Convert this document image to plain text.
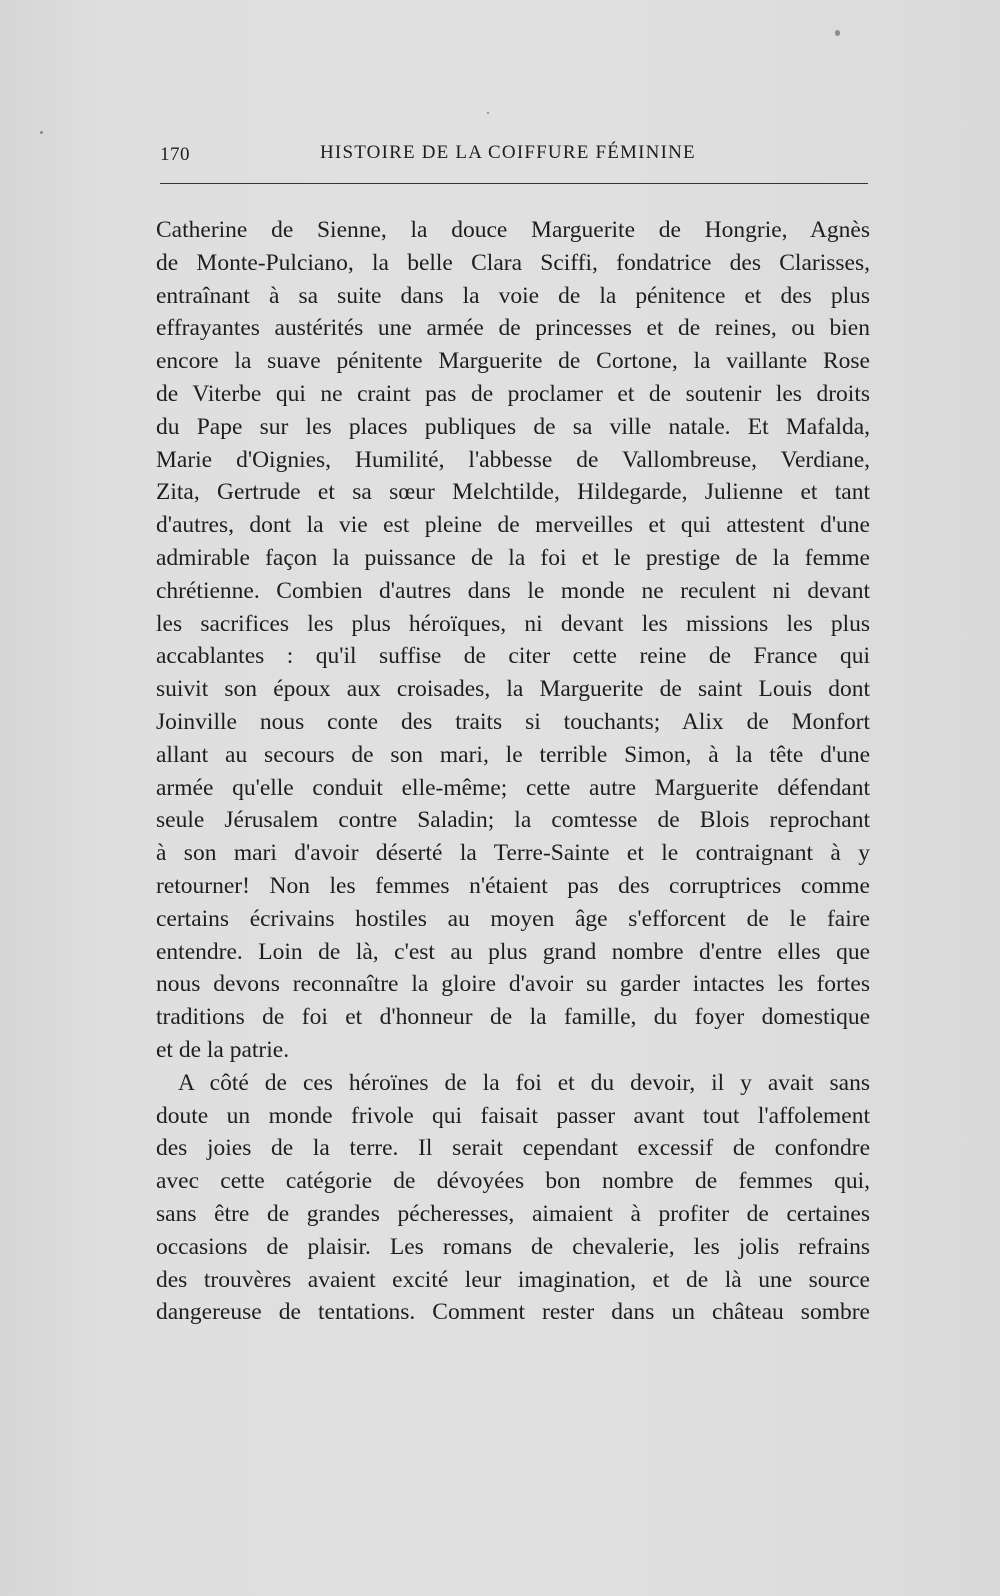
170	HISTOIRE DE LA COIFFURE FÉMININE
Catherine de Sienne, la douce Marguerite de Hongrie, Agnès
de Monte-Pulciano, la belle Clara Sciffi, fondatrice des Clarisses,
entraînant à sa suite dans la voie de la pénitence et des plus
effrayantes austérités une armée de princesses et de reines, ou bien
encore la suave pénitente Marguerite de Cortone, la vaillante Rose
de Viterbe qui ne craint pas de proclamer et de soutenir les droits
du Pape sur les places publiques de sa ville natale. Et Mafalda,
Marie d'Oignies, Humilité, l'abbesse de Vallombreuse, Verdiane,
Zita, Gertrude et sa sœur Melchtilde, Hildegarde, Julienne et tant
d'autres, dont la vie est pleine de merveilles et qui attestent d'une
admirable façon la puissance de la foi et le prestige de la femme
chrétienne. Combien d'autres dans le monde ne reculent ni devant
les sacrifices les plus héroïques, ni devant les missions les plus
accablantes : qu'il suffise de citer cette reine de France qui
suivit son époux aux croisades, la Marguerite de saint Louis dont
Joinville nous conte des traits si touchants; Alix de Monfort
allant au secours de son mari, le terrible Simon, à la tête d'une
armée qu'elle conduit elle-même; cette autre Marguerite défendant
seule Jérusalem contre Saladin; la comtesse de Blois reprochant
à son mari d'avoir déserté la Terre-Sainte et le contraignant à y
retourner! Non les femmes n'étaient pas des corruptrices comme
certains écrivains hostiles au moyen âge s'efforcent de le faire
entendre. Loin de là, c'est au plus grand nombre d'entre elles que
nous devons reconnaître la gloire d'avoir su garder intactes les fortes
traditions de foi et d'honneur de la famille, du foyer domestique
et de la patrie.
A côté de ces héroïnes de la foi et du devoir, il y avait sans
doute un monde frivole qui faisait passer avant tout l'affolement
des joies de la terre. Il serait cependant excessif de confondre
avec cette catégorie de dévoyées bon nombre de femmes qui,
sans être de grandes pécheresses, aimaient à profiter de certaines
occasions de plaisir. Les romans de chevalerie, les jolis refrains
des trouvères avaient excité leur imagination, et de là une source
dangereuse de tentations. Comment rester dans un château sombre
